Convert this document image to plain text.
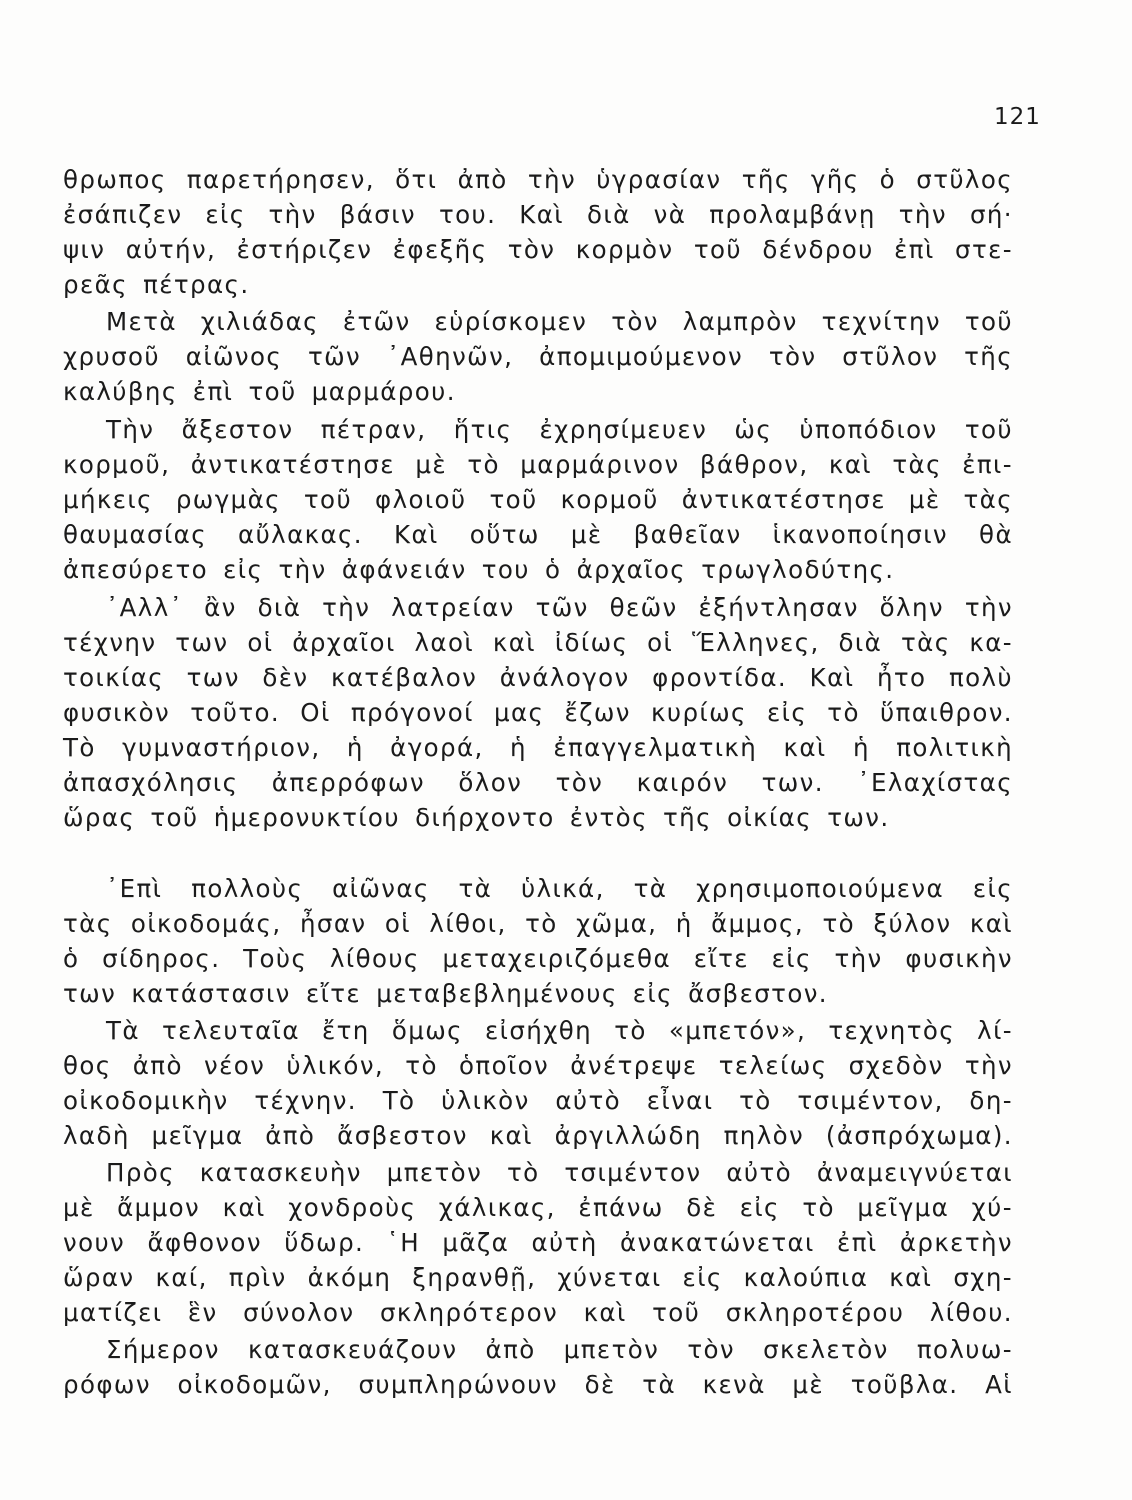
121
θρωπος παρετήρησεν, ὅτι ἀπὸ τὴν ὑγρασίαν τῆς γῆς ὁ στῦλος
ἐσάπιζεν εἰς τὴν βάσιν του. Καὶ διὰ νὰ προλαμβάνῃ τὴν σή·
ψιν αὐτήν, ἐστήριζεν ἐφεξῆς τὸν κορμὸν τοῦ δένδρου ἐπὶ στε-
ρεᾶς πέτρας.
Μετὰ χιλιάδας ἐτῶν εὑρίσκομεν τὸν λαμπρὸν τεχνίτην τοῦ
χρυσοῦ αἰῶνος τῶν ᾿Αθηνῶν, ἀπομιμούμενον τὸν στῦλον τῆς
καλύβης ἐπὶ τοῦ μαρμάρου.
Τὴν ἄξεστον πέτραν, ἥτις ἐχρησίμευεν ὡς ὑποπόδιον τοῦ
κορμοῦ, ἀντικατέστησε μὲ τὸ μαρμάρινον βάθρον, καὶ τὰς ἐπι-
μήκεις ρωγμὰς τοῦ φλοιοῦ τοῦ κορμοῦ ἀντικατέστησε μὲ τὰς
θαυμασίας αὔλακας. Καὶ οὕτω μὲ βαθεῖαν ἱκανοποίησιν θὰ
ἀπεσύρετο εἰς τὴν ἀφάνειάν του ὁ ἀρχαῖος τρωγλοδύτης.
᾿Αλλ᾿ ἂν διὰ τὴν λατρείαν τῶν θεῶν ἐξήντλησαν ὅλην τὴν
τέχνην των οἱ ἀρχαῖοι λαοὶ καὶ ἰδίως οἱ Ἕλληνες, διὰ τὰς κα-
τοικίας των δὲν κατέβαλον ἀνάλογον φροντίδα. Καὶ ἦτο πολὺ
φυσικὸν τοῦτο. Οἱ πρόγονοί μας ἔζων κυρίως εἰς τὸ ὕπαιθρον.
Τὸ γυμναστήριον, ἡ ἀγορά, ἡ ἐπαγγελματικὴ καὶ ἡ πολιτικὴ
ἀπασχόλησις ἀπερρόφων ὅλον τὸν καιρόν των. ᾿Ελαχίστας
ὥρας τοῦ ἡμερονυκτίου διήρχοντο ἐντὸς τῆς οἰκίας των.
᾿Επὶ πολλοὺς αἰῶνας τὰ ὑλικά, τὰ χρησιμοποιούμενα εἰς
τὰς οἰκοδομάς, ἦσαν οἱ λίθοι, τὸ χῶμα, ἡ ἄμμος, τὸ ξύλον καὶ
ὁ σίδηρος. Τοὺς λίθους μεταχειριζόμεθα εἴτε εἰς τὴν φυσικὴν
των κατάστασιν εἴτε μεταβεβλημένους εἰς ἄσβεστον.
Τὰ τελευταῖα ἔτη ὅμως εἰσήχθη τὸ «μπετόν», τεχνητὸς λί-
θος ἀπὸ νέον ὑλικόν, τὸ ὁποῖον ἀνέτρεψε τελείως σχεδὸν τὴν
οἰκοδομικὴν τέχνην. Τὸ ὑλικὸν αὐτὸ εἶναι τὸ τσιμέντον, δη-
λαδὴ μεῖγμα ἀπὸ ἄσβεστον καὶ ἀργιλλώδη πηλὸν (ἀσπρόχωμα).
Πρὸς κατασκευὴν μπετὸν τὸ τσιμέντον αὐτὸ ἀναμειγνύεται
μὲ ἄμμον καὶ χονδροὺς χάλικας, ἐπάνω δὲ εἰς τὸ μεῖγμα χύ-
νουν ἄφθονον ὕδωρ. ῾Η μᾶζα αὐτὴ ἀνακατώνεται ἐπὶ ἀρκετὴν
ὥραν καί, πρὶν ἀκόμη ξηρανθῇ, χύνεται εἰς καλούπια καὶ σχη-
ματίζει ἓν σύνολον σκληρότερον καὶ τοῦ σκληροτέρου λίθου.
Σήμερον κατασκευάζουν ἀπὸ μπετὸν τὸν σκελετὸν πολυω-
ρόφων οἰκοδομῶν, συμπληρώνουν δὲ τὰ κενὰ μὲ τοῦβλα. Αἱ
